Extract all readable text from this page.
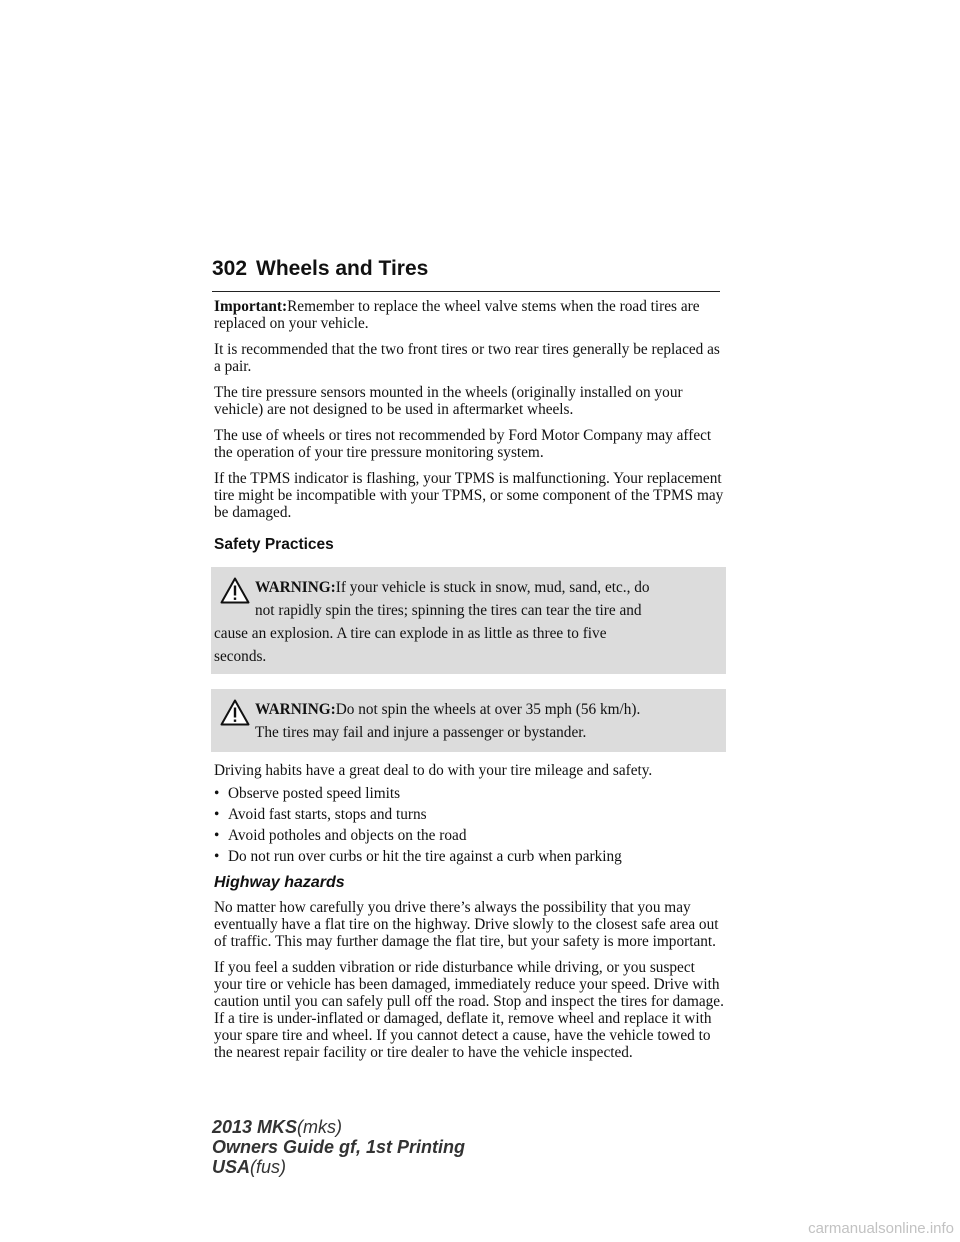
302 Wheels and Tires

Important:Remember to replace the wheel valve stems when the road tires are replaced on your vehicle.

It is recommended that the two front tires or two rear tires generally be replaced as a pair.

The tire pressure sensors mounted in the wheels (originally installed on your vehicle) are not designed to be used in aftermarket wheels.

The use of wheels or tires not recommended by Ford Motor Company may affect the operation of your tire pressure monitoring system.

If the TPMS indicator is flashing, your TPMS is malfunctioning. Your replacement tire might be incompatible with your TPMS, or some component of the TPMS may be damaged.

Safety Practices
WARNING:If your vehicle is stuck in snow, mud, sand, etc., do
not rapidly spin the tires; spinning the tires can tear the tire and
cause an explosion. A tire can explode in as little as three to five
seconds.
WARNING:Do not spin the wheels at over 35 mph (56 km/h).
The tires may fail and injure a passenger or bystander.

Driving habits have a great deal to do with your tire mileage and safety.

• Observe posted speed limits
• Avoid fast starts, stops and turns
• Avoid potholes and objects on the road
• Do not run over curbs or hit the tire against a curb when parking
Highway hazards

No matter how carefully you drive there’s always the possibility that you may eventually have a flat tire on the highway. Drive slowly to the closest safe area out of traffic. This may further damage the flat tire, but your safety is more important.

If you feel a sudden vibration or ride disturbance while driving, or you suspect your tire or vehicle has been damaged, immediately reduce your speed. Drive with caution until you can safely pull off the road. Stop and inspect the tires for damage. If a tire is under-inflated or damaged, deflate it, remove wheel and replace it with your spare tire and wheel. If you cannot detect a cause, have the vehicle towed to the nearest repair facility or tire dealer to have the vehicle inspected.

2013 MKS(mks)
Owners Guide gf, 1st Printing
USA(fus)
carmanualsonline.info
